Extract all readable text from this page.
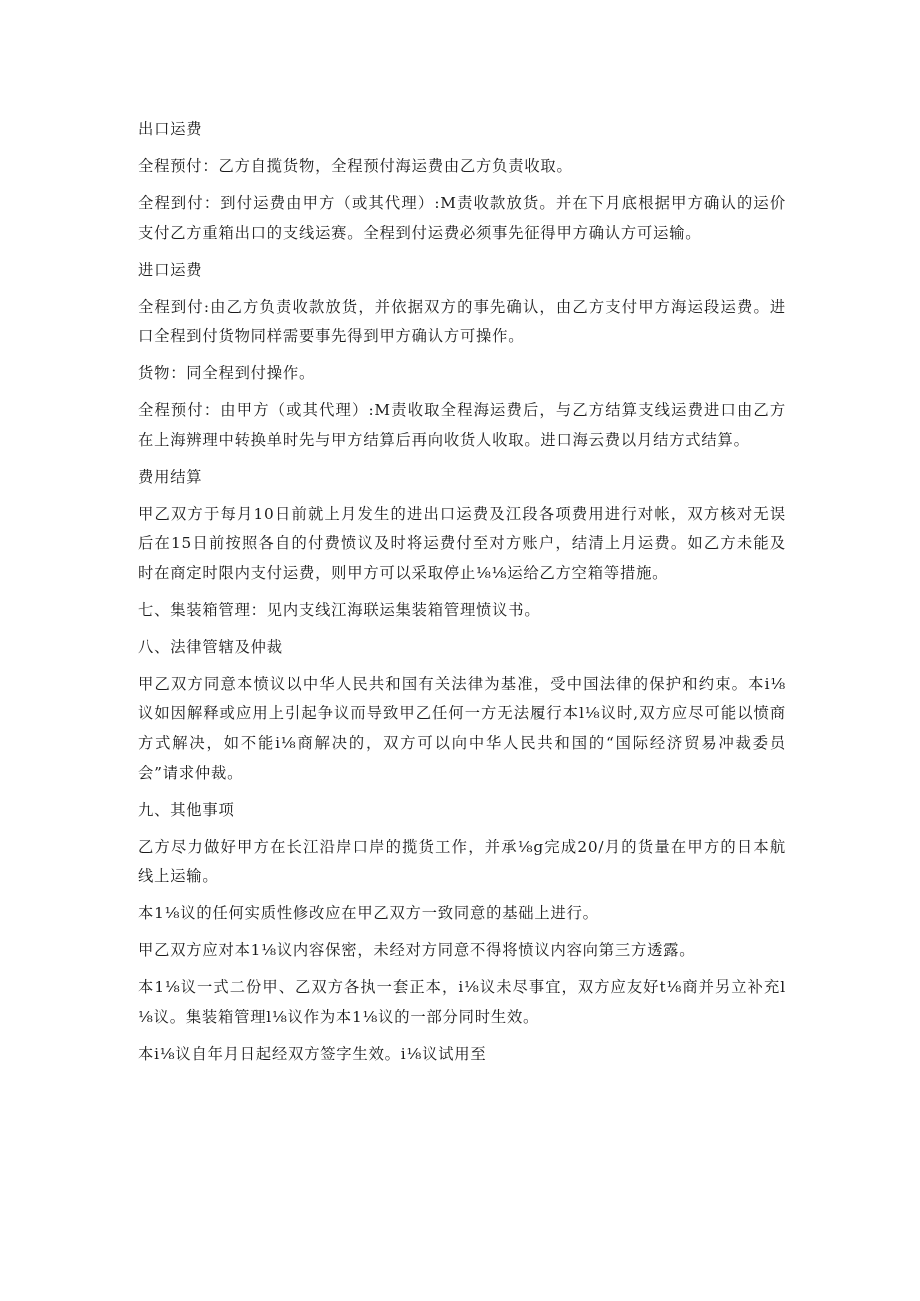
出口运费

全程预付：乙方自揽货物，全程预付海运费由乙方负责收取。

全程到付：到付运费由甲方（或其代理）:M责收款放货。并在下月底根据甲方确认的运价支付乙方重箱出口的支线运赛。全程到付运费必须事先征得甲方确认方可运输。

进口运费

全程到付:由乙方负责收款放货，并依据双方的事先确认，由乙方支付甲方海运段运费。进口全程到付货物同样需要事先得到甲方确认方可操作。

货物：同全程到付操作。

全程预付：由甲方（或其代理）:M责收取全程海运费后，与乙方结算支线运费进口由乙方在上海辨理中转换单时先与甲方结算后再向收货人收取。进口海云费以月结方式结算。

费用结算

甲乙双方于每月10日前就上月发生的进出口运费及江段各项费用进行对帐，双方核对无误后在15日前按照各自的付费愤议及时将运费付至对方账户，结清上月运费。如乙方未能及时在商定时限内支付运费，则甲方可以采取停止⅛⅛运给乙方空箱等措施。

七、集装箱管理：见内支线江海联运集装箱管理愤议书。

八、法律管辖及仲裁

甲乙双方同意本愤议以中华人民共和国有关法律为基准，受中国法律的保护和约束。本i⅛议如因解释或应用上引起争议而导致甲乙任何一方无法履行本l⅛议时,双方应尽可能以愤商方式解决，如不能i⅛商解决的，双方可以向中华人民共和国的“国际经济贸易冲裁委员会”请求仲裁。

九、其他事项

乙方尽力做好甲方在长江沿岸口岸的揽货工作，并承⅛g完成20/月的货量在甲方的日本航线上运输。

本1⅛议的任何实质性修改应在甲乙双方一致同意的基础上进行。

甲乙双方应对本1⅛议内容保密，未经对方同意不得将愤议内容向第三方透露。

本1⅛议一式二份甲、乙双方各执一套正本，i⅛议未尽事宜，双方应友好t⅛商并另立补充l⅛议。集装箱管理l⅛议作为本1⅛议的一部分同时生效。

本i⅛议自年月日起经双方签字生效。i⅛议试用至
